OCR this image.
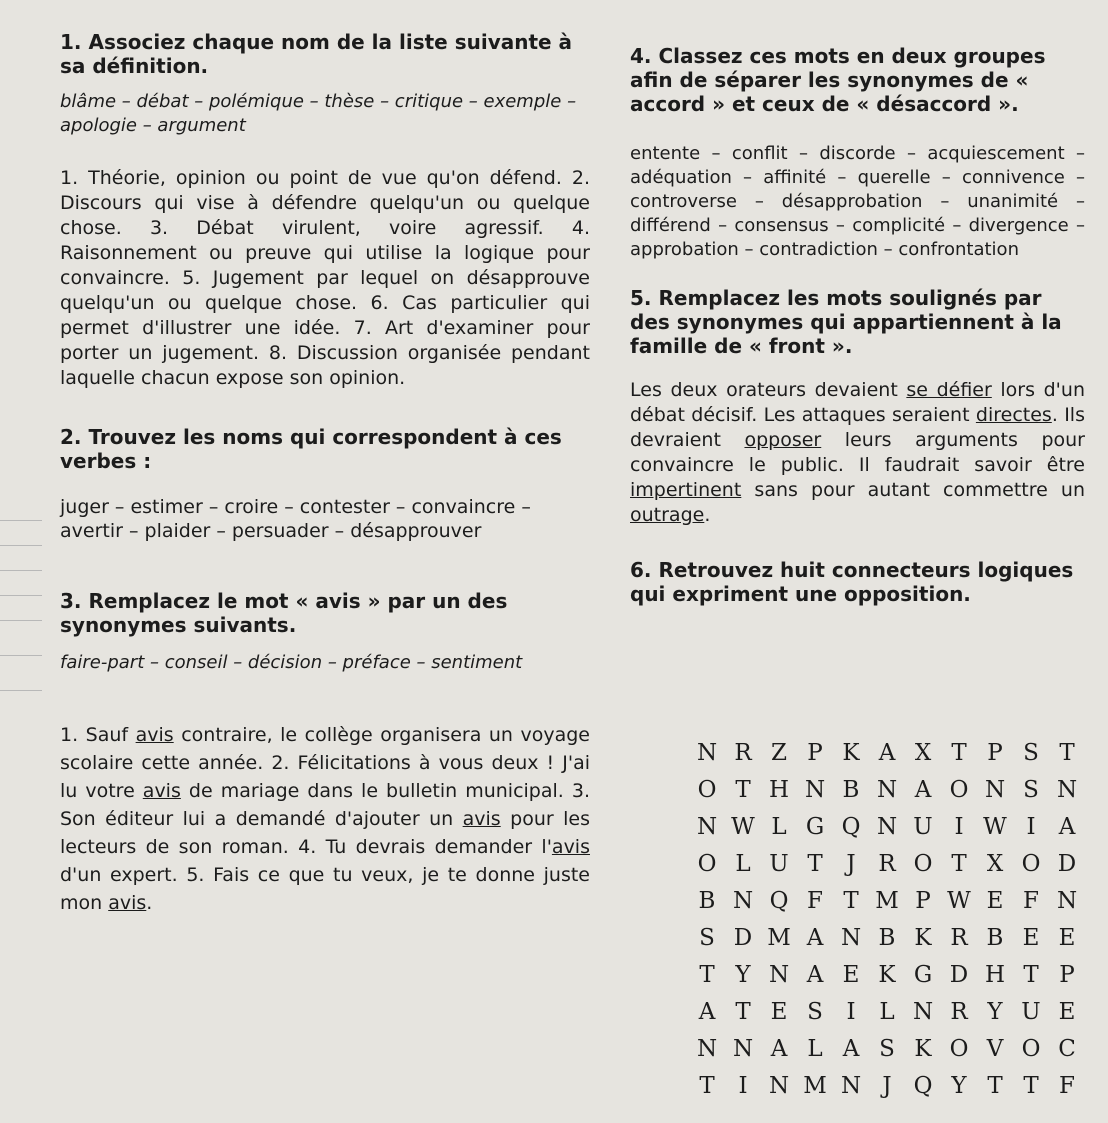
1. Associez chaque nom de la liste suivante à sa définition.
blâme – débat – polémique – thèse – critique – exemple – apologie – argument
1. Théorie, opinion ou point de vue qu'on défend. 2. Discours qui vise à défendre quelqu'un ou quelque chose. 3. Débat virulent, voire agressif. 4. Raisonnement ou preuve qui utilise la logique pour convaincre. 5. Jugement par lequel on désapprouve quelqu'un ou quelque chose. 6. Cas particulier qui permet d'illustrer une idée. 7. Art d'examiner pour porter un jugement. 8. Discussion organisée pendant laquelle chacun expose son opinion.
2. Trouvez les noms qui correspondent à ces verbes :
juger – estimer – croire – contester – convaincre – avertir – plaider – persuader – désapprouver
3. Remplacez le mot « avis » par un des synonymes suivants.
faire-part – conseil – décision – préface – sentiment
1. Sauf avis contraire, le collège organisera un voyage scolaire cette année. 2. Félicitations à vous deux ! J'ai lu votre avis de mariage dans le bulletin municipal. 3. Son éditeur lui a demandé d'ajouter un avis pour les lecteurs de son roman. 4. Tu devrais demander l'avis d'un expert. 5. Fais ce que tu veux, je te donne juste mon avis.
4. Classez ces mots en deux groupes afin de séparer les synonymes de « accord » et ceux de « désaccord ».
entente – conflit – discorde – acquiescement – adéquation – affinité – querelle – connivence – controverse – désapprobation – unanimité – différend – consensus – complicité – divergence – approbation – contradiction – confrontation
5. Remplacez les mots soulignés par des synonymes qui appartiennent à la famille de « front ».
Les deux orateurs devaient se défier lors d'un débat décisif. Les attaques seraient directes. Ils devraient opposer leurs arguments pour convaincre le public. Il faudrait savoir être impertinent sans pour autant commettre un outrage.
6. Retrouvez huit connecteurs logiques qui expriment une opposition.
N R Z P K A X T P S T
O T H N B N A O N S N
N W L G Q N U I W I	A
O L U T	J R O T X O D
B N Q F T M P W E F N
S D M A N B K R B E E
T Y N A E K G D H T P
A T E S	I	L N R Y U E
N N A L A S K O V O C
T	I N M N J Q Y T T F
